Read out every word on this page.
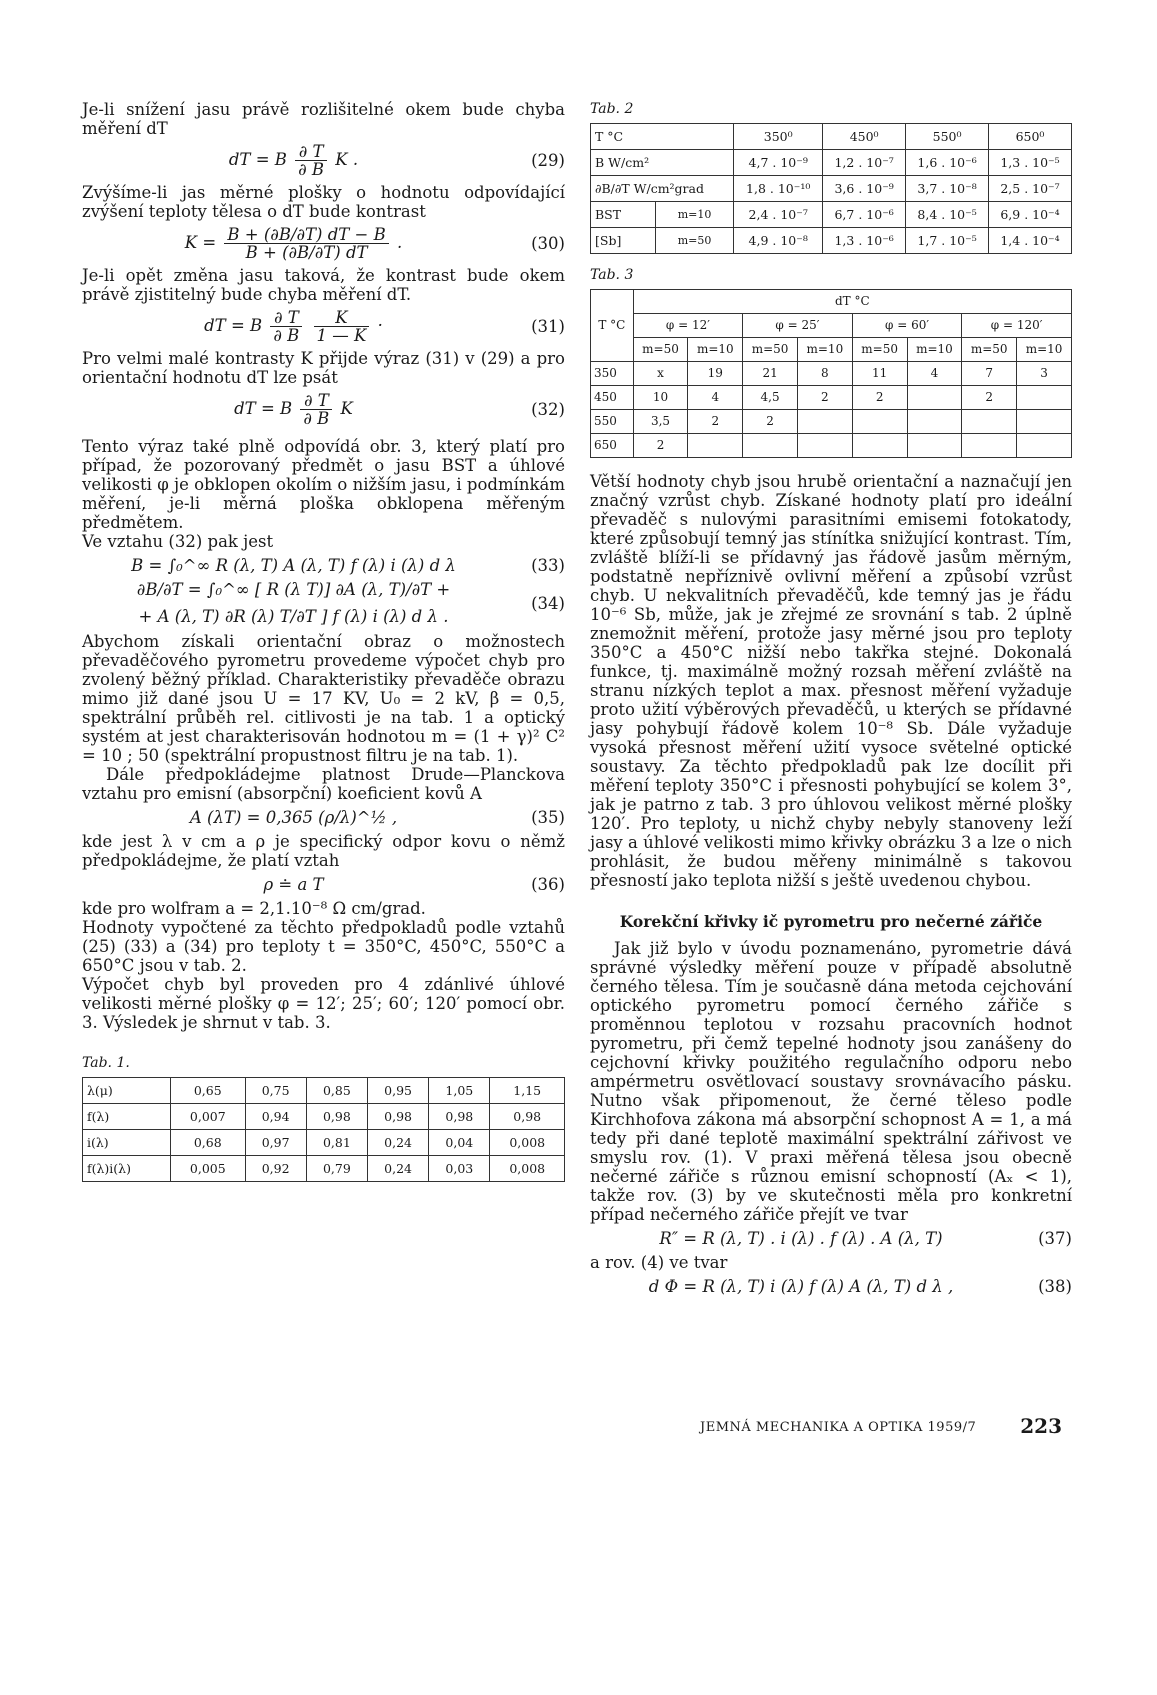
Je-li snížení jasu právě rozlišitelné okem bude chyba měření dT

dT = B $\frac{\partial T}{\partial B}$ K .	(29)

Zvýšíme-li jas měrné plošky o hodnotu odpovídající zvýšení teploty tělesa o dT bude kontrast

$K = \frac{B + (\partial B/\partial T) dT - B}{B + (\partial B/\partial T) dT}$ .	(30)

Je-li opět změna jasu taková, že kontrast bude okem právě zjistitelný bude chyba měření dT.

dT = B $\frac{\partial T}{\partial B}$
$\frac{K}{1 — K}$ ·	(31)

Pro velmi malé kontrasty K přijde výraz (31) v (29) a pro orientační hodnotu dT lze psát

dT = B $\frac{\partial T}{\partial B}$ K	(32)

Tento výraz také plně odpovídá obr. 3, který platí pro případ, že pozorovaný předmět o jasu BST a úhlové velikosti φ je obklopen okolím o nižším jasu, i podmínkám měření, je-li měrná ploška obklopena měřeným předmětem.

Ve vztahu (32) pak jest

B = ∫₀^∞ R (λ, T) A (λ, T) f (λ) i (λ) d λ	(33)
∂B/∂T = ∫₀^∞ [ R (λ T)] ∂A (λ, T)/∂T +
+ A (λ, T) ∂R (λ) T/∂T ] f (λ) i (λ) d λ .
(34)

Abychom získali orientační obraz o možnostech převaděčového pyrometru provedeme výpočet chyb pro zvolený běžný příklad. Charakteristiky převaděče obrazu mimo již dané jsou U = 17 KV, U₀ = 2 kV, β = 0,5, spektrální průběh rel. citlivosti je na tab. 1 a optický systém at jest charakterisován hodnotou m = (1 + γ)² C² = 10 ; 50 (spektrální propustnost filtru je na tab. 1).

Dále předpokládejme platnost Drude—Planckova vztahu pro emisní (absorpční) koeficient kovů A

A (λT) = 0,365 (ρ/λ)^½ ,	(35)

kde jest λ v cm a ρ je specifický odpor kovu o němž předpokládejme, že platí vztah

ρ ≐ a T	(36)

kde pro wolfram a = 2,1.10⁻⁸ Ω cm/grad.

Hodnoty vypočtené za těchto předpokladů podle vztahů (25) (33) a (34) pro teploty t = 350°C, 450°C, 550°C a 650°C jsou v tab. 2.

Výpočet chyb byl proveden pro 4 zdánlivé úhlové velikosti měrné plošky φ = 12′; 25′; 60′; 120′ pomocí obr. 3. Výsledek je shrnut v tab. 3.

Tab. 1.
λ(μ)	0,65	0,75	0,85	0,95	1,05	1,15
f(λ)	0,007	0,94	0,98	0,98	0,98	0,98
i(λ)	0,68	0,97	0,81	0,24	0,04	0,008
f(λ)i(λ)	0,005	0,92	0,79	0,24	0,03	0,008
Tab. 2
T °C		350⁰	450⁰	550⁰	650⁰
B W/cm²		4,7 . 10⁻⁹	1,2 . 10⁻⁷	1,6 . 10⁻⁶	1,3 . 10⁻⁵
∂B/∂T W/cm²grad		1,8 . 10⁻¹⁰	3,6 . 10⁻⁹	3,7 . 10⁻⁸	2,5 . 10⁻⁷
BST	m=10	2,4 . 10⁻⁷	6,7 . 10⁻⁶	8,4 . 10⁻⁵	6,9 . 10⁻⁴
[Sb]	m=50	4,9 . 10⁻⁸	1,3 . 10⁻⁶	1,7 . 10⁻⁵	1,4 . 10⁻⁴
Tab. 3
T °C	dT °C							
	φ = 12′		φ = 25′		φ = 60′		φ = 120′	
	m=50	m=10	m=50	m=10	m=50	m=10	m=50	m=10
350	x	19	21	8	11	4	7	3
450	10	4	4,5	2	2		2	
550	3,5	2	2					
650	2							

Větší hodnoty chyb jsou hrubě orientační a naznačují jen značný vzrůst chyb. Získané hodnoty platí pro ideální převaděč s nulovými parasitními emisemi fotokatody, které způsobují temný jas stínítka snižující kontrast. Tím, zvláště blíží-li se přídavný jas řádově jasům měrným, podstatně nepříznivě ovlivní měření a způsobí vzrůst chyb. U nekvalitních převaděčů, kde temný jas je řádu 10⁻⁶ Sb, může, jak je zřejmé ze srovnání s tab. 2 úplně znemožnit měření, protože jasy měrné jsou pro teploty 350°C a 450°C nižší nebo takřka stejné. Dokonalá funkce, tj. maximálně možný rozsah měření zvláště na stranu nízkých teplot a max. přesnost měření vyžaduje proto užití výběrových převaděčů, u kterých se přídavné jasy pohybují řádově kolem 10⁻⁸ Sb. Dále vyžaduje vysoká přesnost měření užití vysoce světelné optické soustavy. Za těchto předpokladů pak lze docílit při měření teploty 350°C i přesnosti pohybující se kolem 3°, jak je patrno z tab. 3 pro úhlovou velikost měrné plošky 120′. Pro teploty, u nichž chyby nebyly stanoveny leží jasy a úhlové velikosti mimo křivky obrázku 3 a lze o nich prohlásit, že budou měřeny minimálně s takovou přesností jako teplota nižší s ještě uvedenou chybou.

Korekční křivky ič pyrometru pro nečerné zářiče

Jak již bylo v úvodu poznamenáno, pyrometrie dává správné výsledky měření pouze v případě absolutně černého tělesa. Tím je současně dána metoda cejchování optického pyrometru pomocí černého zářiče s proměnnou teplotou v rozsahu pracovních hodnot pyrometru, při čemž tepelné hodnoty jsou zanášeny do cejchovní křivky použitého regulačního odporu nebo ampérmetru osvětlovací soustavy srovnávacího pásku. Nutno však připomenout, že černé těleso podle Kirchhofova zákona má absorpční schopnost A = 1, a má tedy při dané teplotě maximální spektrální zářivost ve smyslu rov. (1). V praxi měřená tělesa jsou obecně nečerné zářiče s různou emisní schopností (Aₓ < 1), takže rov. (3) by ve skutečnosti měla pro konkretní případ nečerného zářiče přejít ve tvar

R″ = R (λ, T) . i (λ) . f (λ) . A (λ, T)	(37)

a rov. (4) ve tvar

d Φ = R (λ, T) i (λ) f (λ) A (λ, T) d λ ,	(38)
JEMNÁ MECHANIKA A OPTIKA 1959/7	223
